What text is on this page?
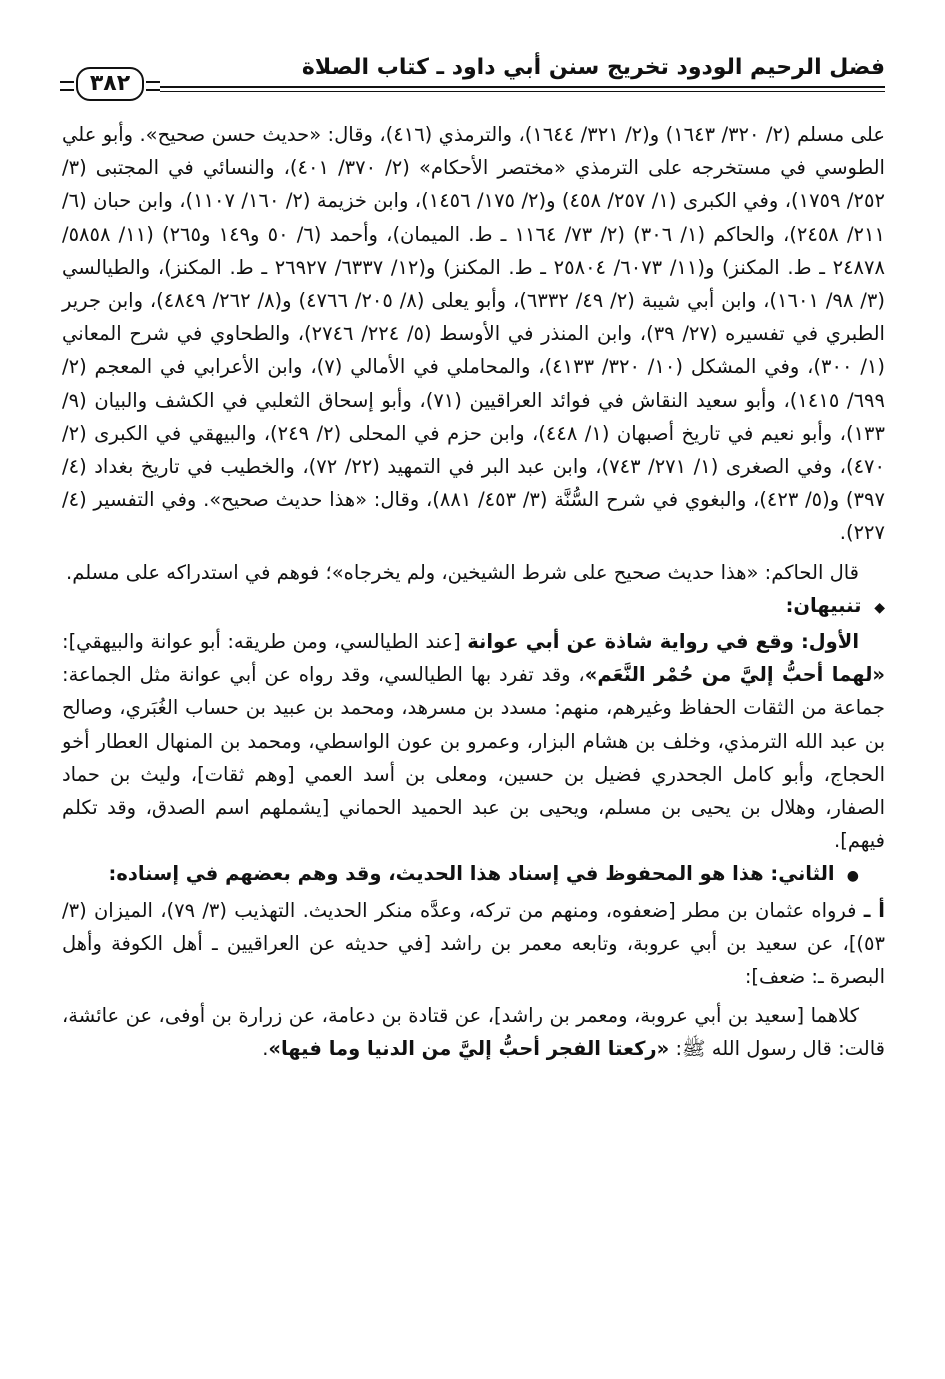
فضل الرحيم الودود تخريج سنن أبي داود ـ كتاب الصلاة
٣٨٢

على مسلم (٢/ ٣٢٠/ ١٦٤٣) و(٢/ ٣٢١/ ١٦٤٤)، والترمذي (٤١٦)، وقال: «حديث حسن صحيح». وأبو علي الطوسي في مستخرجه على الترمذي «مختصر الأحكام» (٢/ ٣٧٠/ ٤٠١)، والنسائي في المجتبى (٣/ ٢٥٢/ ١٧٥٩)، وفي الكبرى (١/ ٢٥٧/ ٤٥٨) و(٢/ ١٧٥/ ١٤٥٦)، وابن خزيمة (٢/ ١٦٠/ ١١٠٧)، وابن حبان (٦/ ٢١١/ ٢٤٥٨)، والحاكم (١/ ٣٠٦) (٢/ ٧٣/ ١١٦٤ ـ ط. الميمان)، وأحمد (٦/ ٥٠ و١٤٩ و٢٦٥) (١١/ ٥٨٥٨/ ٢٤٨٧٨ ـ ط. المكنز) و(١١/ ٦٠٧٣/ ٢٥٨٠٤ ـ ط. المكنز) و(١٢/ ٦٣٣٧/ ٢٦٩٢٧ ـ ط. المكنز)، والطيالسي (٣/ ٩٨/ ١٦٠١)، وابن أبي شيبة (٢/ ٤٩/ ٦٣٣٢)، وأبو يعلى (٨/ ٢٠٥/ ٤٧٦٦) و(٨/ ٢٦٢/ ٤٨٤٩)، وابن جرير الطبري في تفسيره (٢٧/ ٣٩)، وابن المنذر في الأوسط (٥/ ٢٢٤/ ٢٧٤٦)، والطحاوي في شرح المعاني (١/ ٣٠٠)، وفي المشكل (١٠/ ٣٢٠/ ٤١٣٣)، والمحاملي في الأمالي (٧)، وابن الأعرابي في المعجم (٢/ ٦٩٩/ ١٤١٥)، وأبو سعيد النقاش في فوائد العراقيين (٧١)، وأبو إسحاق الثعلبي في الكشف والبيان (٩/ ١٣٣)، وأبو نعيم في تاريخ أصبهان (١/ ٤٤٨)، وابن حزم في المحلى (٢/ ٢٤٩)، والبيهقي في الكبرى (٢/ ٤٧٠)، وفي الصغرى (١/ ٢٧١/ ٧٤٣)، وابن عبد البر في التمهيد (٢٢/ ٧٢)، والخطيب في تاريخ بغداد (٤/ ٣٩٧) و(٥/ ٤٢٣)، والبغوي في شرح السُّنَّة (٣/ ٤٥٣/ ٨٨١)، وقال: «هذا حديث صحيح». وفي التفسير (٤/ ٢٢٧).

قال الحاكم: «هذا حديث صحيح على شرط الشيخين، ولم يخرجاه»؛ فوهم في استدراكه على مسلم.

◆ تنبيهان:

الأول: وقع في رواية شاذة عن أبي عوانة [عند الطيالسي، ومن طريقه: أبو عوانة والبيهقي]: «لهما أحبُّ إليَّ من حُمْر النَّعَم»، وقد تفرد بها الطيالسي، وقد رواه عن أبي عوانة مثل الجماعة: جماعة من الثقات الحفاظ وغيرهم، منهم: مسدد بن مسرهد، ومحمد بن عبيد بن حساب الغُبَري، وصالح بن عبد الله الترمذي، وخلف بن هشام البزار، وعمرو بن عون الواسطي، ومحمد بن المنهال العطار أخو الحجاج، وأبو كامل الجحدري فضيل بن حسين، ومعلى بن أسد العمي [وهم ثقات]، وليث بن حماد الصفار، وهلال بن يحيى بن مسلم، ويحيى بن عبد الحميد الحماني [يشملهم اسم الصدق، وقد تكلم فيهم].

● الثاني: هذا هو المحفوظ في إسناد هذا الحديث، وقد وهم بعضهم في إسناده:

أ ـ فرواه عثمان بن مطر [ضعفوه، ومنهم من تركه، وعدَّه منكر الحديث. التهذيب (٣/ ٧٩)، الميزان (٣/ ٥٣)]، عن سعيد بن أبي عروبة، وتابعه معمر بن راشد [في حديثه عن العراقيين ـ أهل الكوفة وأهل البصرة ـ: ضعف]:

كلاهما [سعيد بن أبي عروبة، ومعمر بن راشد]، عن قتادة بن دعامة، عن زرارة بن أوفى، عن عائشة، قالت: قال رسول الله ﷺ: «ركعتا الفجر أحبُّ إليَّ من الدنيا وما فيها».
